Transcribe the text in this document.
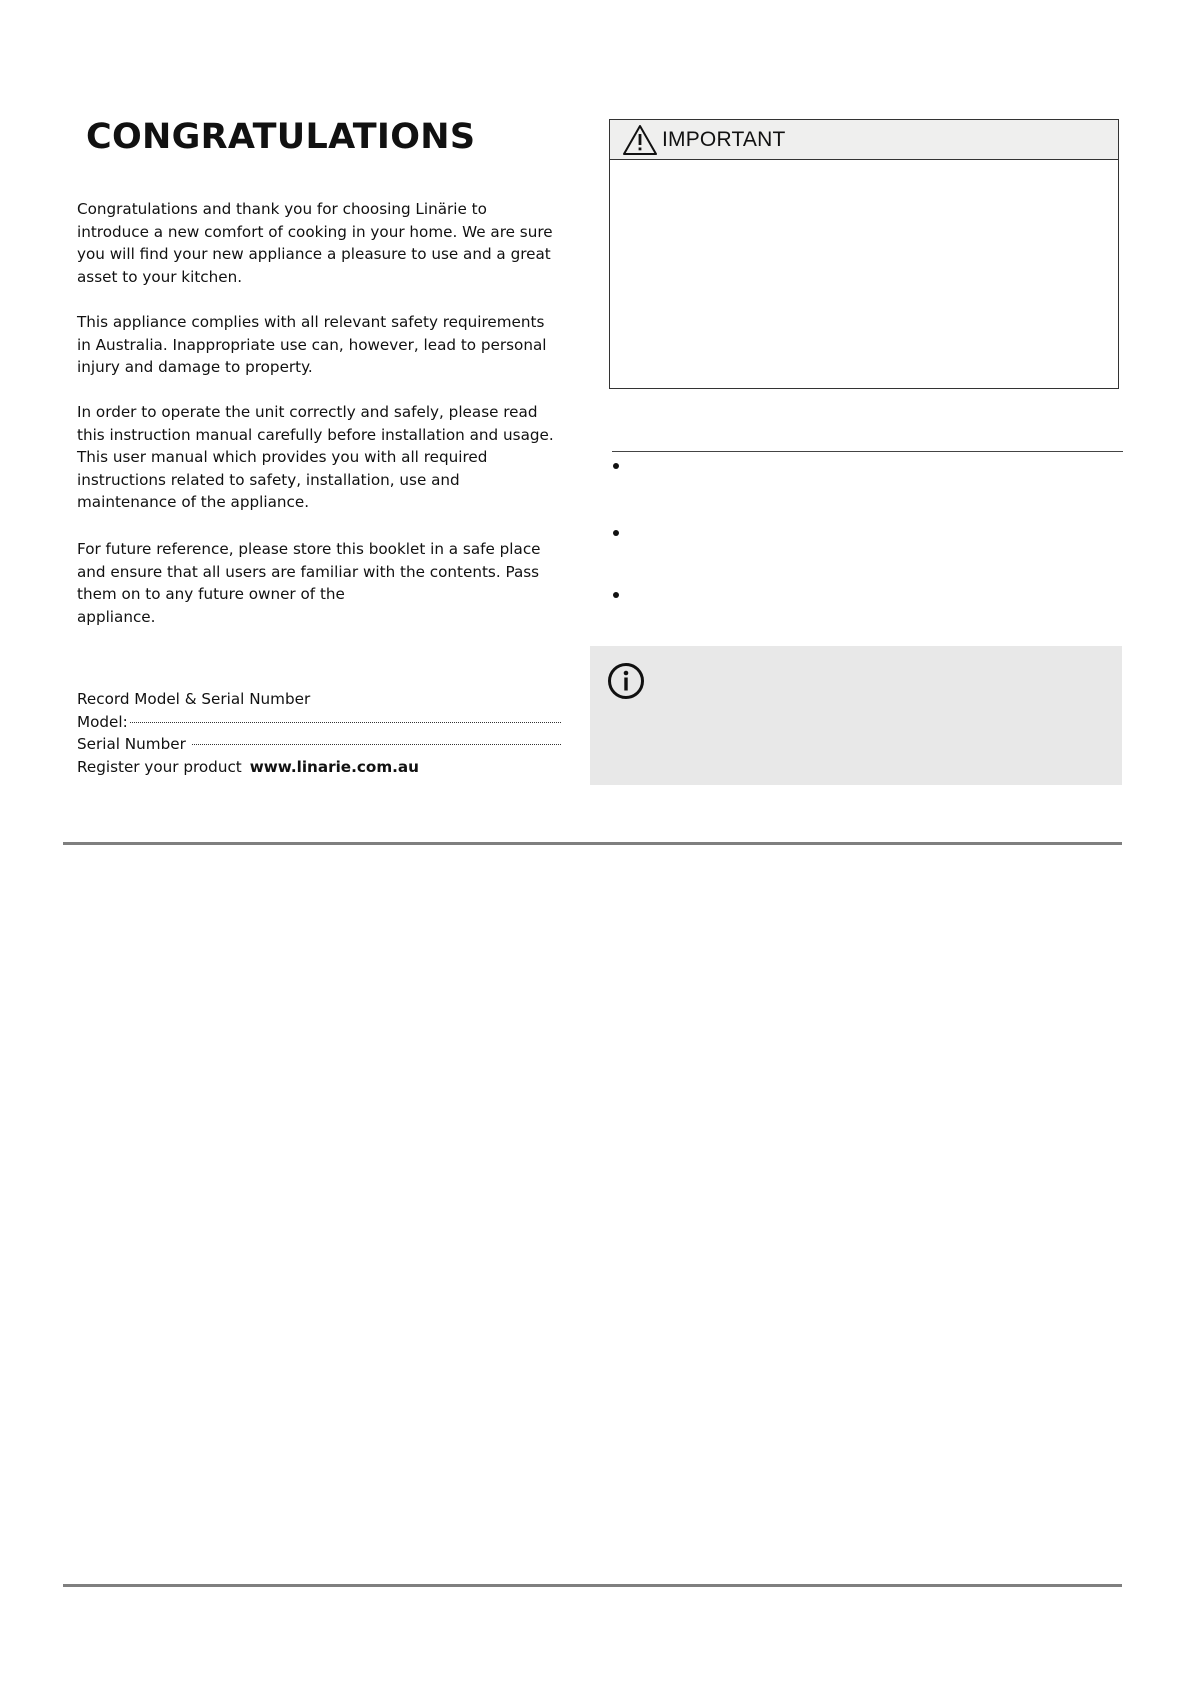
CONGRATULATIONS

Congratulations and thank you for choosing Linärie to introduce a new comfort of cooking in your home. We are sure you will find your new appliance a pleasure to use and a great asset to your kitchen.

This appliance complies with all relevant safety requirements in Australia. Inappropriate use can, however, lead to personal injury and damage to property.

In order to operate the unit correctly and safely, please read this instruction manual carefully before installation and usage. This user manual which provides you with all required instructions related to safety, installation, use and maintenance of the appliance.

For future reference, please store this booklet in a safe place and ensure that all users are familiar with the contents. Pass them on to any future owner of the
appliance.

Record Model & Serial Number
Model:
Serial Number
Register your product www.linarie.com.au
IMPORTANT
